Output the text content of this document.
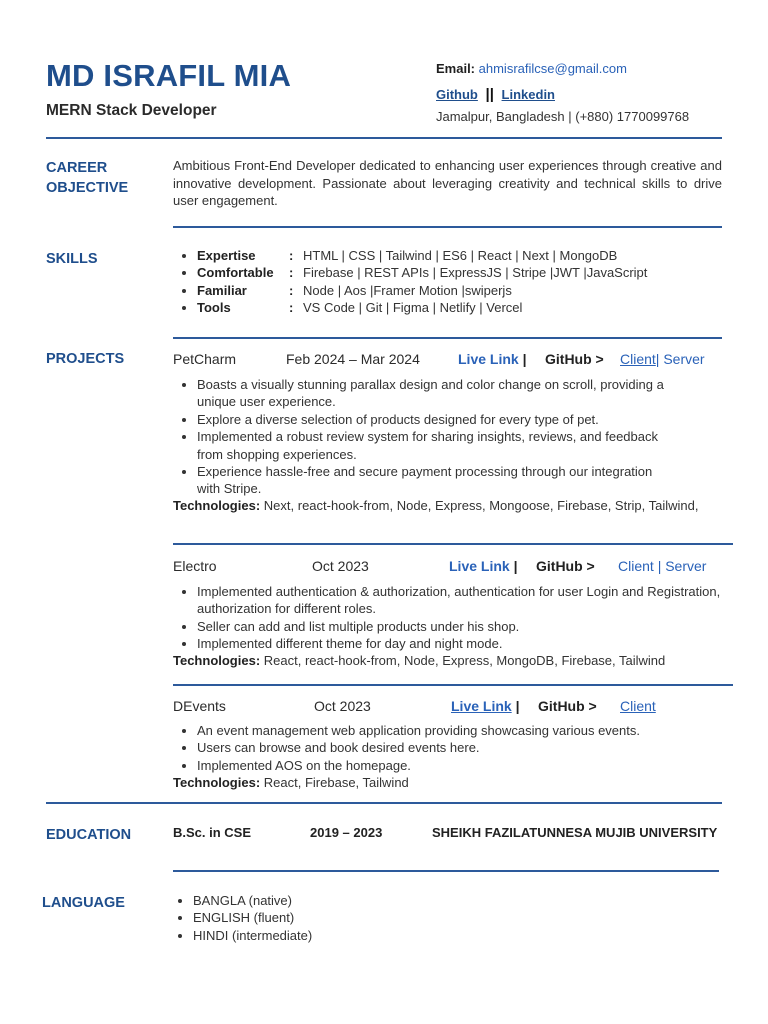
MD ISRAFIL MIA
MERN Stack Developer
Email: ahmisrafilcse@gmail.com
Github || Linkedin
Jamalpur, Bangladesh | (+880) 1770099768
CAREER
OBJECTIVE
Ambitious Front-End Developer dedicated to enhancing user experiences through creative and innovative development. Passionate about leveraging creativity and technical skills to drive user engagement.
SKILLS	• Expertise	: HTML | CSS | Tailwind | ES6 | React | Next | MongoDB
• Comfortable	: Firebase | REST APIs | ExpressJS | Stripe |JWT |JavaScript
• Familiar	: Node | Aos |Framer Motion |swiperjs
• Tools	: VS Code | Git | Figma | Netlify | Vercel
PROJECTS	PetCharm	Feb 2024 – Mar 2024	Live Link | GitHub > Client| Server
• Boasts a visually stunning parallax design and color change on scroll, providing a unique user experience.
• Explore a diverse selection of products designed for every type of pet.
• Implemented a robust review system for sharing insights, reviews, and feedback from shopping experiences.
• Experience hassle-free and secure payment processing through our integration with Stripe.
Technologies: Next, react-hook-from, Node, Express, Mongoose, Firebase, Strip, Tailwind,
Electro	Oct 2023	Live Link | GitHub > Client | Server
• Implemented authentication & authorization, authentication for user Login and Registration, authorization for different roles.
• Seller can add and list multiple products under his shop.
• Implemented different theme for day and night mode.
Technologies: React, react-hook-from, Node, Express, MongoDB, Firebase, Tailwind
DEvents	Oct 2023	Live Link | GitHub > Client
• An event management web application providing showcasing various events.
• Users can browse and book desired events here.
• Implemented AOS on the homepage.
Technologies: React, Firebase, Tailwind
EDUCATION	B.Sc. in CSE	2019 – 2023	SHEIKH FAZILATUNNESA MUJIB UNIVERSITY
LANGUAGE	• BANGLA (native)
• ENGLISH (fluent)
• HINDI (intermediate)
